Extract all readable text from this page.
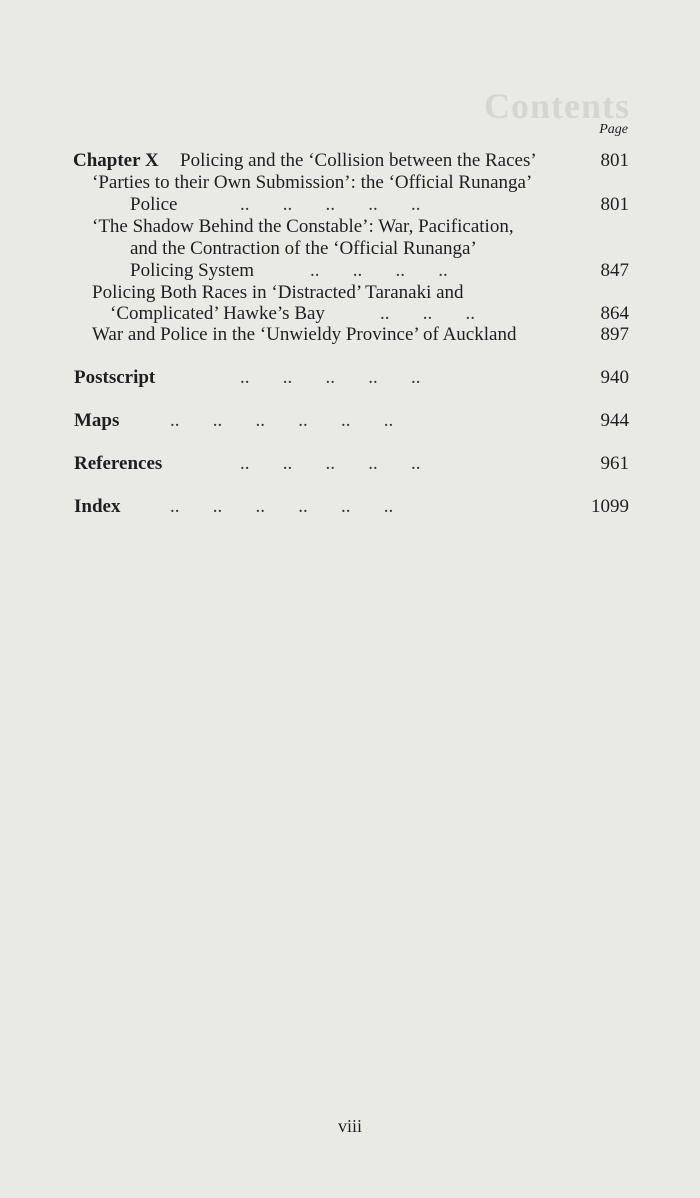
Contents
Page
Chapter X Policing and the ‘Collision between the Races’	801
‘Parties to their Own Submission’: the ‘Official Runanga’
Police	..       ..       ..       ..       ..	801
‘The Shadow Behind the Constable’: War, Pacification,
and the Contraction of the ‘Official Runanga’
Policing System	..       ..       ..       ..	847
Policing Both Races in ‘Distracted’ Taranaki and
‘Complicated’ Hawke’s Bay	..       ..       ..	864
War and Police in the ‘Unwieldy Province’ of Auckland	897
Postscript	..       ..       ..       ..       ..	940
Maps	..       ..       ..       ..       ..       ..	944
References	..       ..       ..       ..       ..	961
Index	..       ..       ..       ..       ..       ..	1099
viii
